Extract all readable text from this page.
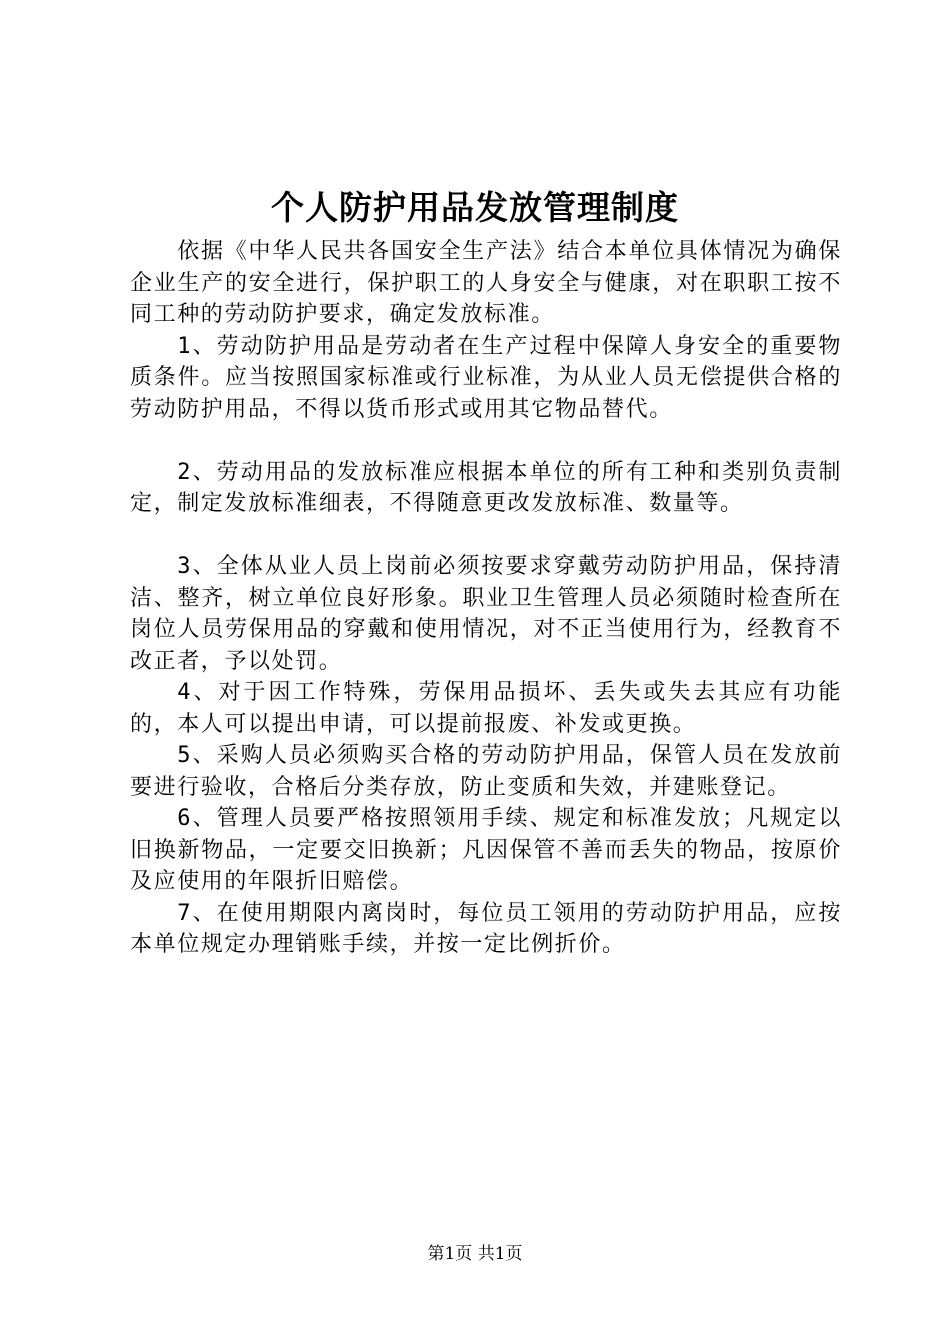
个人防护用品发放管理制度

依据《中华人民共各国安全生产法》结合本单位具体情况为确保企业生产的安全进行，保护职工的人身安全与健康，对在职职工按不同工种的劳动防护要求，确定发放标准。

1、劳动防护用品是劳动者在生产过程中保障人身安全的重要物质条件。应当按照国家标准或行业标准，为从业人员无偿提供合格的劳动防护用品，不得以货币形式或用其它物品替代。

2、劳动用品的发放标准应根据本单位的所有工种和类别负责制定，制定发放标准细表，不得随意更改发放标准、数量等。

3、全体从业人员上岗前必须按要求穿戴劳动防护用品，保持清洁、整齐，树立单位良好形象。职业卫生管理人员必须随时检查所在岗位人员劳保用品的穿戴和使用情况，对不正当使用行为，经教育不改正者，予以处罚。

4、对于因工作特殊，劳保用品损坏、丢失或失去其应有功能的，本人可以提出申请，可以提前报废、补发或更换。

5、采购人员必须购买合格的劳动防护用品，保管人员在发放前要进行验收，合格后分类存放，防止变质和失效，并建账登记。

6、管理人员要严格按照领用手续、规定和标准发放；凡规定以旧换新物品，一定要交旧换新；凡因保管不善而丢失的物品，按原价及应使用的年限折旧赔偿。

7、在使用期限内离岗时，每位员工领用的劳动防护用品，应按本单位规定办理销账手续，并按一定比例折价。

第1页 共1页
